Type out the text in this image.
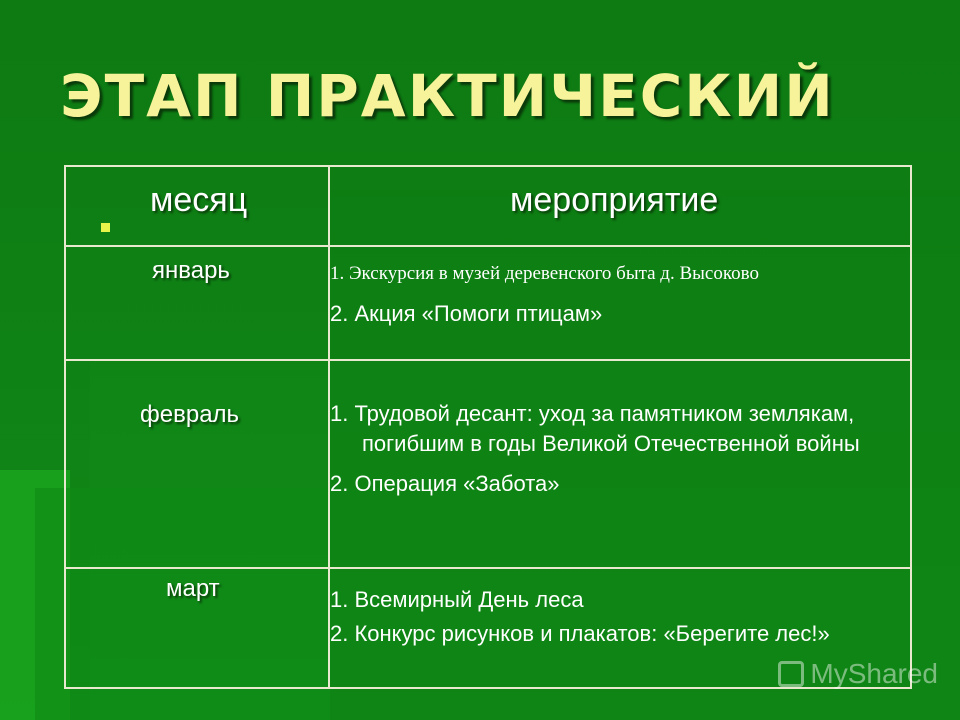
ЭТАП ПРАКТИЧЕСКИЙ
месяц	мероприятие
январь	1. Экскурсия в музей деревенского быта д. Высоково

2. Акция «Помоги птицам»

февраль	1. Трудовой десант: уход за памятником землякам, погибшим в годы Великой Отечественной войны

2. Операция «Забота»

март	1. Всемирный День леса

2. Конкурс рисунков и плакатов: «Берегите лес!»

MyShared
